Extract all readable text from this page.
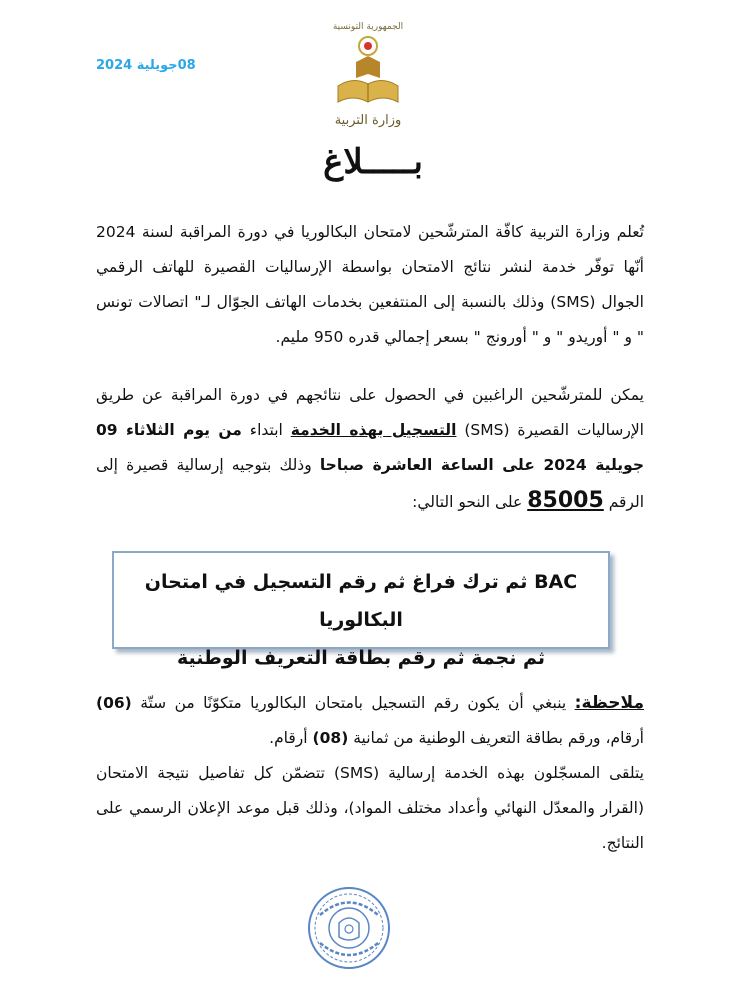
08جويلية 2024
الجمهورية التونسية
وزارة التربية
بـــــلاغ
تُعلم وزارة التربية كافّة المترشّحين لامتحان البكالوريا في دورة المراقبة لسنة 2024 أنّها توفّر خدمة لنشر نتائج الامتحان بواسطة الإرساليات القصيرة للهاتف الرقمي الجوال (SMS) وذلك بالنسبة إلى المنتفعين بخدمات الهاتف الجوّال لـ" اتصالات تونس " و " أوريدو " و " أورونج " بسعر إجمالي قدره 950 مليم.
يمكن للمترشّحين الراغبين في الحصول على نتائجهم في دورة المراقبة عن طريق الإرساليات القصيرة (SMS) التسجيل بهذه الخدمة ابتداء من يوم الثلاثاء 09 جويلية 2024 على الساعة العاشرة صباحا وذلك بتوجيه إرسالية قصيرة إلى الرقم 85005 على النحو التالي:
BAC ثم ترك فراغ ثم رقم التسجيل في امتحان البكالوريا
ثم نجمة ثم رقم بطاقة التعريف الوطنية
ملاحظة: ينبغي أن يكون رقم التسجيل بامتحان البكالوريا متكوّنًا من ستّة (06) أرقام، ورقم بطاقة التعريف الوطنية من ثمانية (08) أرقام.
يتلقى المسجّلون بهذه الخدمة إرسالية (SMS) تتضمّن كل تفاصيل نتيجة الامتحان (القرار والمعدّل النهائي وأعداد مختلف المواد)، وذلك قبل موعد الإعلان الرسمي على النتائج.
